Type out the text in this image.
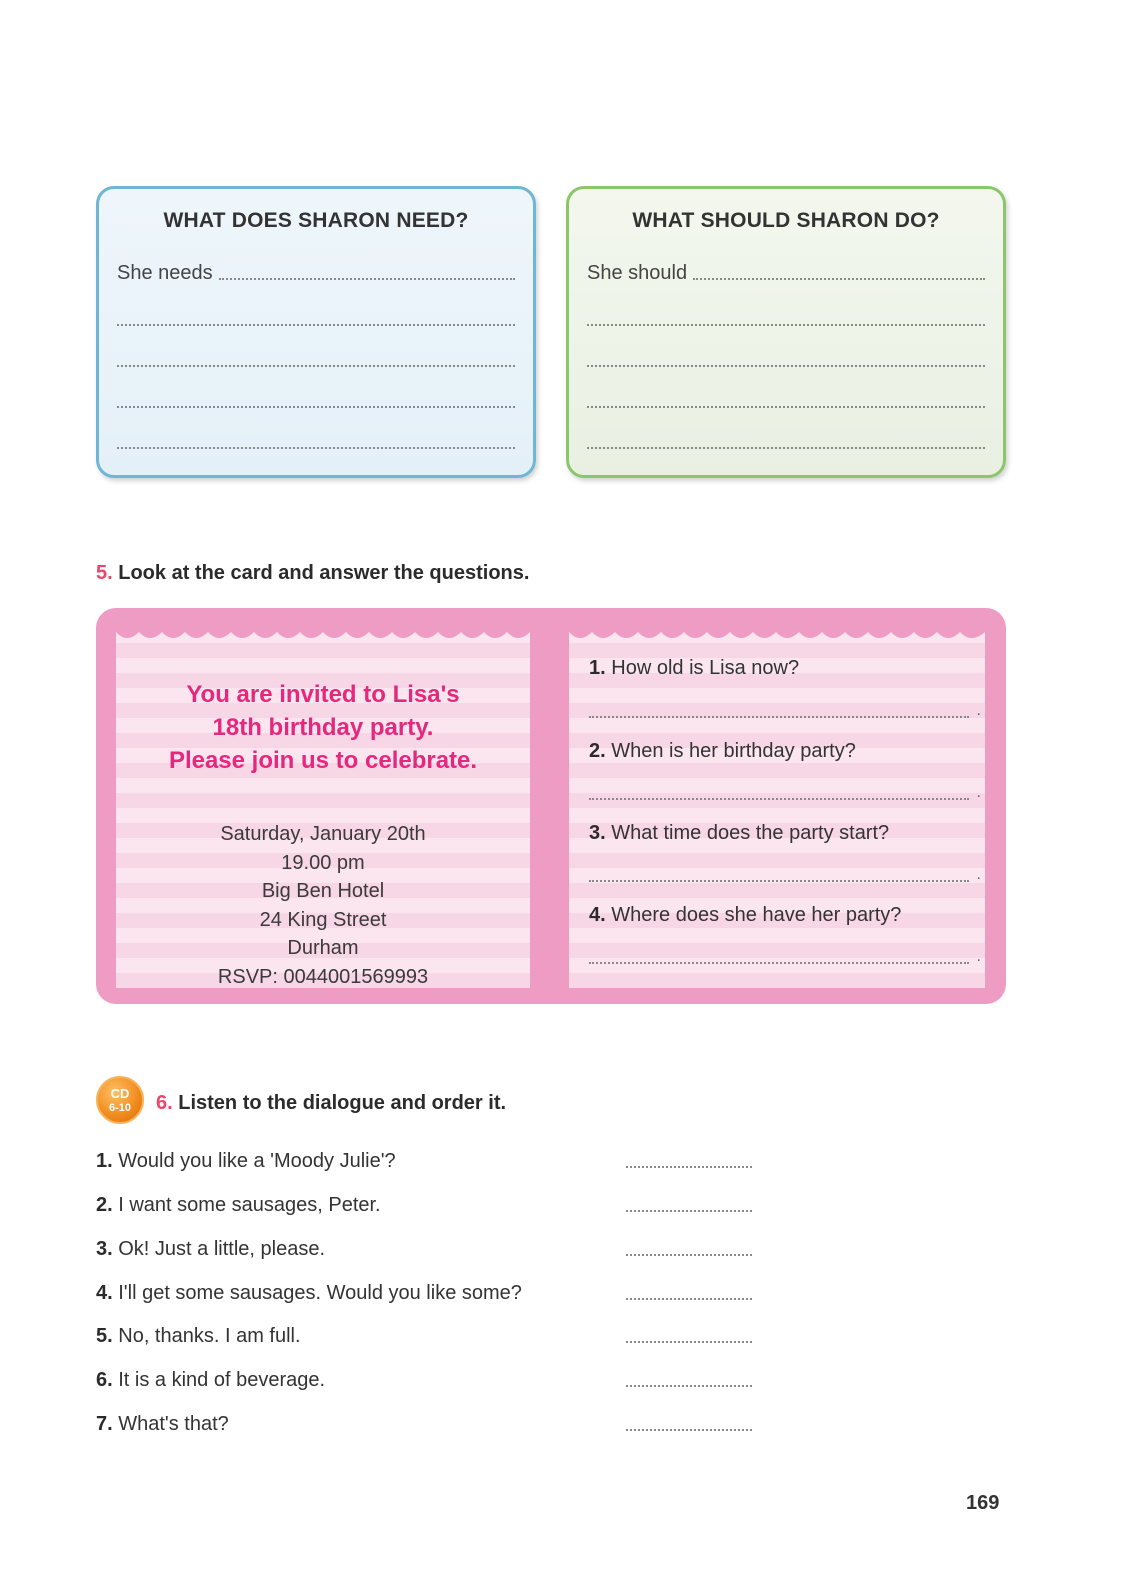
WHAT DOES SHARON NEED?
She needs
WHAT SHOULD SHARON DO?
She should
5. Look at the card and answer the questions.
You are invited to Lisa's
18th birthday party.
Please join us to celebrate.
Saturday, January 20th
19.00 pm
Big Ben Hotel
24 King Street
Durham
RSVP: 0044001569993
1. How old is Lisa now?
.
2. When is her birthday party?
.
3. What time does the party start?
.
4. Where does she have her party?
.
CD
6-10	6. Listen to the dialogue and order it.
1. Would you like a 'Moody Julie'?
2. I want some sausages, Peter.
3. Ok! Just a little, please.
4. I'll get some sausages. Would you like some?
5. No, thanks. I am full.
6. It is a kind of beverage.
7. What's that?
169
